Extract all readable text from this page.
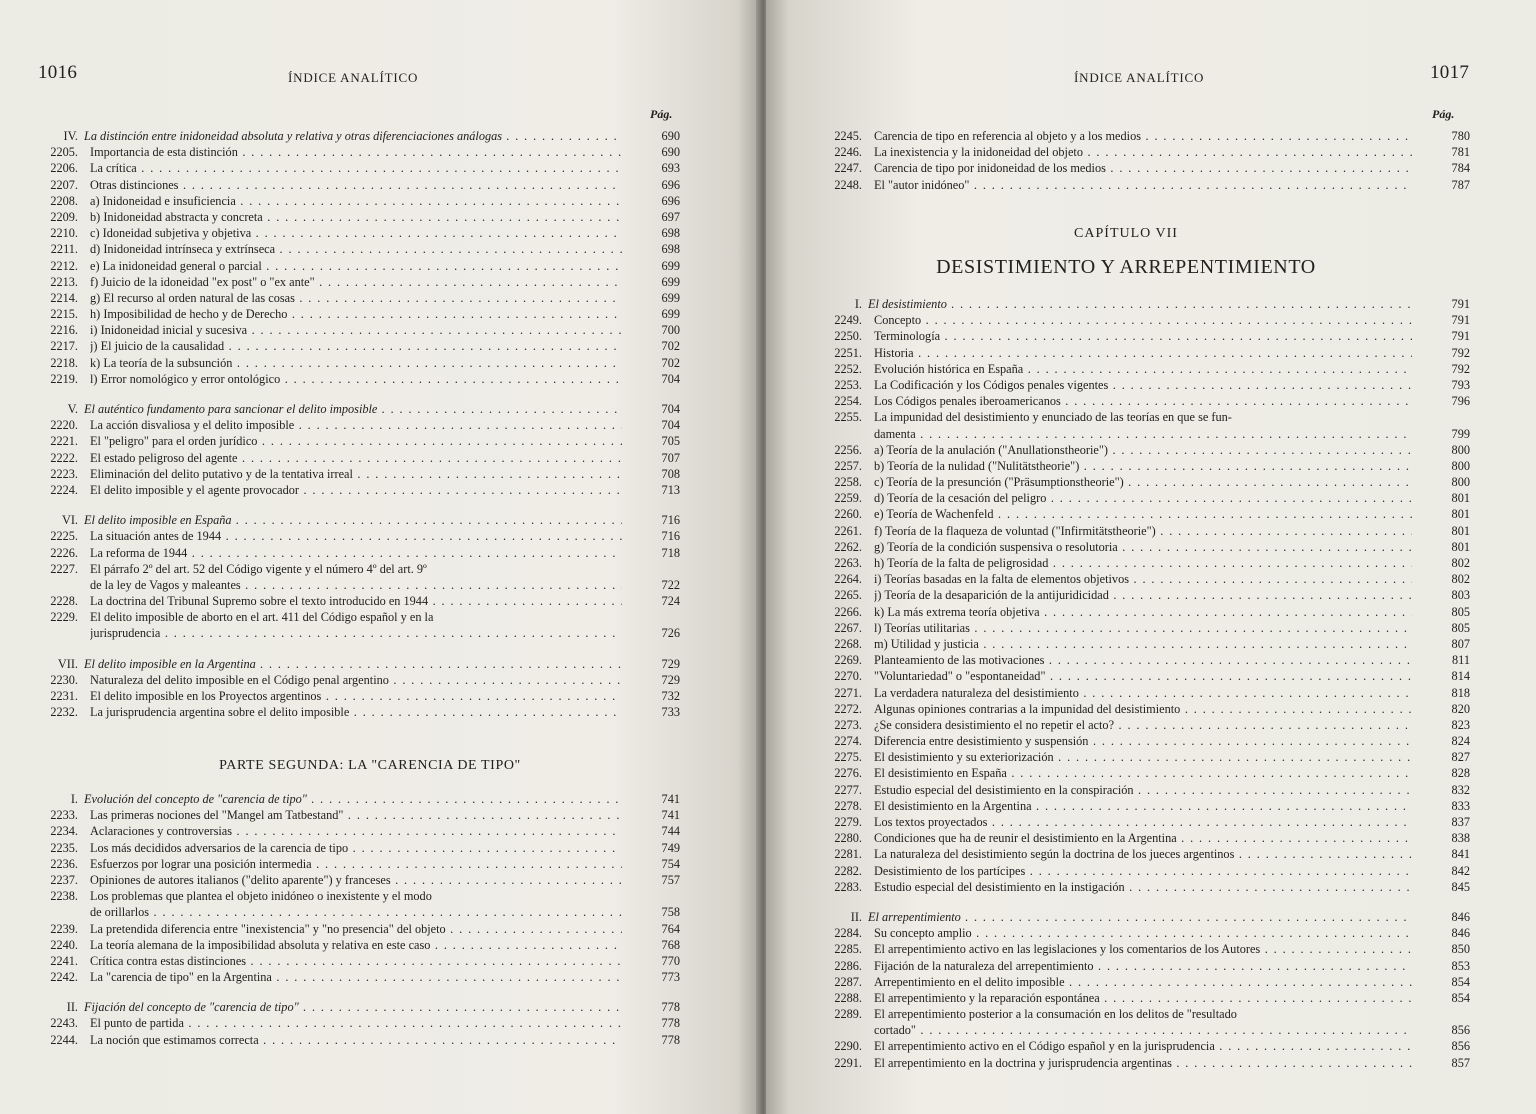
1016	ÍNDICE ANALÍTICO
Pág.
IV. La distinción entre inidoneidad absoluta y relativa y otras diferenciaciones análogas . . .	690
2205. Importancia de esta distinción . . .	690
2206. La crítica . . .	693
2207. Otras distinciones . . .	696
2208. a) Inidoneidad e insuficiencia . . .	696
2209. b) Inidoneidad abstracta y concreta . . .	697
2210. c) Idoneidad subjetiva y objetiva . . .	698
2211. d) Inidoneidad intrínseca y extrínseca . . .	698
2212. e) La inidoneidad general o parcial . . .	699
2213. f) Juicio de la idoneidad "ex post" o "ex ante" . . .	699
2214. g) El recurso al orden natural de las cosas . . .	699
2215. h) Imposibilidad de hecho y de Derecho . . .	699
2216. i) Inidoneidad inicial y sucesiva . . .	700
2217. j) El juicio de la causalidad . . .	702
2218. k) La teoría de la subsunción . . .	702
2219. l) Error nomológico y error ontológico . . .	704
V. El auténtico fundamento para sancionar el delito imposible . . .	704
2220. La acción disvaliosa y el delito imposible . . .	704
2221. El "peligro" para el orden jurídico . . .	705
2222. El estado peligroso del agente . . .	707
2223. Eliminación del delito putativo y de la tentativa irreal . . .	708
2224. El delito imposible y el agente provocador . . .	713
VI. El delito imposible en España . . .	716
2225. La situación antes de 1944 . . .	716
2226. La reforma de 1944 . . .	718
2227. El párrafo 2º del art. 52 del Código vigente y el número 4º del art. 9º
de la ley de Vagos y maleantes . . .	722
2228. La doctrina del Tribunal Supremo sobre el texto introducido en 1944 . . .	724
2229. El delito imposible de aborto en el art. 411 del Código español y en la
jurisprudencia . . .	726
VII. El delito imposible en la Argentina . . .	729
2230. Naturaleza del delito imposible en el Código penal argentino . . .	729
2231. El delito imposible en los Proyectos argentinos . . .	732
2232. La jurisprudencia argentina sobre el delito imposible . . .	733
PARTE SEGUNDA: LA "CARENCIA DE TIPO"
I. Evolución del concepto de "carencia de tipo" . . .	741
2233. Las primeras nociones del "Mangel am Tatbestand" . . .	741
2234. Aclaraciones y controversias . . .	744
2235. Los más decididos adversarios de la carencia de tipo . . .	749
2236. Esfuerzos por lograr una posición intermedia . . .	754
2237. Opiniones de autores italianos ("delito aparente") y franceses . . .	757
2238. Los problemas que plantea el objeto inidóneo o inexistente y el modo
de orillarlos . . .	758
2239. La pretendida diferencia entre "inexistencia" y "no presencia" del objeto . . .	764
2240. La teoría alemana de la imposibilidad absoluta y relativa en este caso . . .	768
2241. Crítica contra estas distinciones . . .	770
2242. La "carencia de tipo" en la Argentina . . .	773
II. Fijación del concepto de "carencia de tipo" . . .	778
2243. El punto de partida . . .	778
2244. La noción que estimamos correcta . . .	778
ÍNDICE ANALÍTICO	1017
Pág.
2245. Carencia de tipo en referencia al objeto y a los medios . . .	780
2246. La inexistencia y la inidoneidad del objeto . . .	781
2247. Carencia de tipo por inidoneidad de los medios . . .	784
2248. El "autor inidóneo" . . .	787
CAPÍTULO VII
DESISTIMIENTO Y ARREPENTIMIENTO
I. El desistimiento . . .	791
2249. Concepto . . .	791
2250. Terminología . . .	791
2251. Historia . . .	792
2252. Evolución histórica en España . . .	792
2253. La Codificación y los Códigos penales vigentes . . .	793
2254. Los Códigos penales iberoamericanos . . .	796
2255. La impunidad del desistimiento y enunciado de las teorías en que se fun-
damenta . . .	799
2256. a) Teoría de la anulación ("Anullationstheorie") . . .	800
2257. b) Teoría de la nulidad ("Nulitätstheorie") . . .	800
2258. c) Teoría de la presunción ("Präsumptionstheorie") . . .	800
2259. d) Teoría de la cesación del peligro . . .	801
2260. e) Teoría de Wachenfeld . . .	801
2261. f) Teoría de la flaqueza de voluntad ("Infirmitätstheorie") . . .	801
2262. g) Teoría de la condición suspensiva o resolutoria . . .	801
2263. h) Teoría de la falta de peligrosidad . . .	802
2264. i) Teorías basadas en la falta de elementos objetivos . . .	802
2265. j) Teoría de la desaparición de la antijuridicidad . . .	803
2266. k) La más extrema teoría objetiva . . .	805
2267. l) Teorías utilitarias . . .	805
2268. m) Utilidad y justicia . . .	807
2269. Planteamiento de las motivaciones . . .	811
2270. "Voluntariedad" o "espontaneidad" . . .	814
2271. La verdadera naturaleza del desistimiento . . .	818
2272. Algunas opiniones contrarias a la impunidad del desistimiento . . .	820
2273. ¿Se considera desistimiento el no repetir el acto? . . .	823
2274. Diferencia entre desistimiento y suspensión . . .	824
2275. El desistimiento y su exteriorización . . .	827
2276. El desistimiento en España . . .	828
2277. Estudio especial del desistimiento en la conspiración . . .	832
2278. El desistimiento en la Argentina . . .	833
2279. Los textos proyectados . . .	837
2280. Condiciones que ha de reunir el desistimiento en la Argentina . . .	838
2281. La naturaleza del desistimiento según la doctrina de los jueces argentinos . . .	841
2282. Desistimiento de los partícipes . . .	842
2283. Estudio especial del desistimiento en la instigación . . .	845
II. El arrepentimiento . . .	846
2284. Su concepto amplio . . .	846
2285. El arrepentimiento activo en las legislaciones y los comentarios de los Autores . . .	850
2286. Fijación de la naturaleza del arrepentimiento . . .	853
2287. Arrepentimiento en el delito imposible . . .	854
2288. El arrepentimiento y la reparación espontánea . . .	854
2289. El arrepentimiento posterior a la consumación en los delitos de "resultado
cortado" . . .	856
2290. El arrepentimiento activo en el Código español y en la jurisprudencia . . .	856
2291. El arrepentimiento en la doctrina y jurisprudencia argentinas . . .	857
